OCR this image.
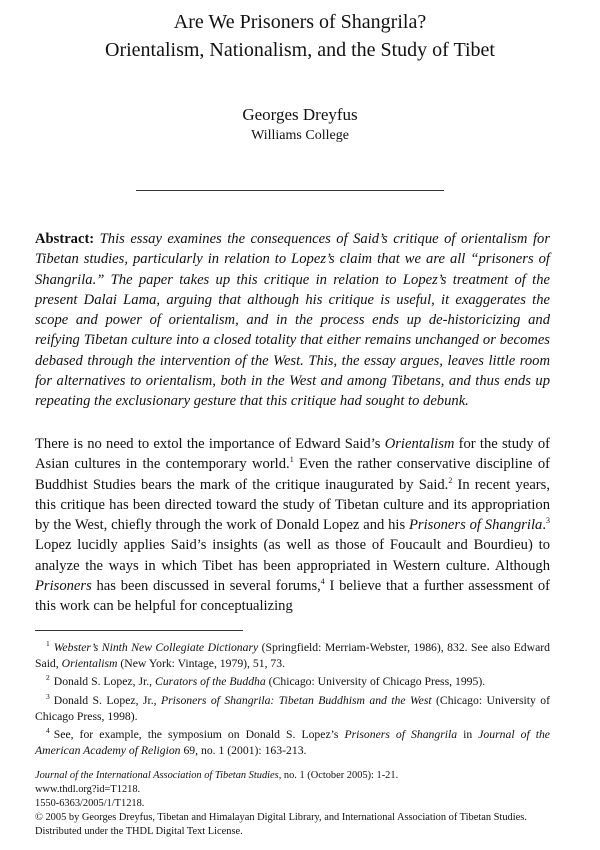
Are We Prisoners of Shangrila?
Orientalism, Nationalism, and the Study of Tibet
Georges Dreyfus
Williams College
Abstract: This essay examines the consequences of Said’s critique of orientalism for Tibetan studies, particularly in relation to Lopez’s claim that we are all “prisoners of Shangrila.” The paper takes up this critique in relation to Lopez’s treatment of the present Dalai Lama, arguing that although his critique is useful, it exaggerates the scope and power of orientalism, and in the process ends up de-historicizing and reifying Tibetan culture into a closed totality that either remains unchanged or becomes debased through the intervention of the West. This, the essay argues, leaves little room for alternatives to orientalism, both in the West and among Tibetans, and thus ends up repeating the exclusionary gesture that this critique had sought to debunk.
There is no need to extol the importance of Edward Said’s Orientalism for the study of Asian cultures in the contemporary world.$^1$ Even the rather conservative discipline of Buddhist Studies bears the mark of the critique inaugurated by Said.$^2$ In recent years, this critique has been directed toward the study of Tibetan culture and its appropriation by the West, chiefly through the work of Donald Lopez and his Prisoners of Shangrila.$^3$ Lopez lucidly applies Said’s insights (as well as those of Foucault and Bourdieu) to analyze the ways in which Tibet has been appropriated in Western culture. Although Prisoners has been discussed in several forums,$^4$ I believe that a further assessment of this work can be helpful for conceptualizing
$^1$ Webster’s Ninth New Collegiate Dictionary (Springfield: Merriam-Webster, 1986), 832. See also Edward Said, Orientalism (New York: Vintage, 1979), 51, 73.
$^2$ Donald S. Lopez, Jr., Curators of the Buddha (Chicago: University of Chicago Press, 1995).
$^3$ Donald S. Lopez, Jr., Prisoners of Shangrila: Tibetan Buddhism and the West (Chicago: University of Chicago Press, 1998).
$^4$ See, for example, the symposium on Donald S. Lopez’s Prisoners of Shangrila in Journal of the American Academy of Religion 69, no. 1 (2001): 163-213.
Journal of the International Association of Tibetan Studies, no. 1 (October 2005): 1-21.
www.thdl.org?id=T1218.
1550-6363/2005/1/T1218.
© 2005 by Georges Dreyfus, Tibetan and Himalayan Digital Library, and International Association of Tibetan Studies.
Distributed under the THDL Digital Text License.
